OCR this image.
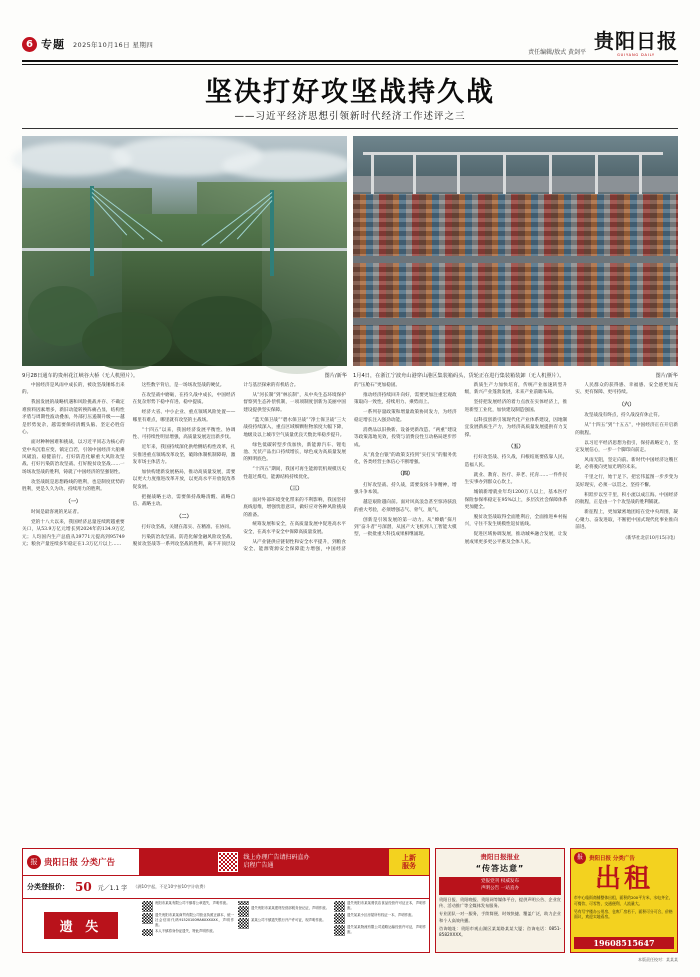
6 专题 2025年10月16日 星期四
责任编辑/敖式 黄剑平 贵阳日报
GUIYANG DAILY
坚决打好攻坚战持久战
——习近平经济思想引领新时代经济工作述评之三
9月28日通车的贵州花江峡谷大桥（无人机照片）。	图片/新华 1月4日，在浙江宁波舟山港穿山港区集装箱码头，货轮正在进行集装箱装卸（无人机照片）。	图片/新华

中国经济是风雨中成长的，被攻坚战锤炼出来的。

我国发展的战略机遇和风险挑战并存、不确定难预料因素增多，新旧动能转换阵痛凸显，结构性矛盾与周期性波动叠加，外部打压遏制升级——越是形势复杂，越需要保持清醒头脑、坚定必胜信心。

面对种种困难和挑战，以习近平同志为核心的党中央沉着应变、镇定自若，引领中国经济大船乘风破浪、稳健前行。打好防范化解重大风险攻坚战、打好污染防治攻坚战、打好脱贫攻坚战……一场场攻坚战的胜利，铸就了中国经济的坚强韧性。

攻坚战既是思想路线的胜利，也是制度优势的胜利，更是久久为功、持续用力的胜利。

（一）

时间是最客观的见证者。

党的十八大以来，我国经济总量连续跨越重要关口，从53.9万亿元增长到2024年的134.9万亿元；人均国内生产总值从39771元提高到95749元；粮食产量连续多年稳定在1.3万亿斤以上……

这些数字背后，是一场场攻坚战的硬仗。

在攻坚战中磨砺，在持久战中成长，中国经济在复杂形势下稳中有进、稳中提质。

经济大省、中小企业、重点领域风险处置——哪里有难点，哪里就有攻坚的主战场。

“十四五”以来，我国经济发展平衡性、协调性、可持续性明显增强，高质量发展迈出新步伐。

近年来，我国持续深化供给侧结构性改革，扎实推进重点领域改革攻坚，破除体制机制障碍，激发市场主体活力。

加快构建新发展格局，推动高质量发展，需要以更大力度推进改革开放，以更高水平开放促改革促发展。

把握战略主动，需要保持战略清醒、战略自信、战略主动。

（二）

打好攻坚战，关键在落实、在精准、在协同。

污染防治攻坚战、防范化解金融风险攻坚战、脱贫攻坚战等一系列攻坚战的胜利，离不开顶层设计与基层探索的有机结合。

从“河长制”到“林长制”，从中央生态环境保护督察到生态补偿机制，一项项制度创新为美丽中国建设提供坚实保障。

“蓝天保卫战”“碧水保卫战”“净土保卫战”三大战役持续深入，重点区域细颗粒物浓度大幅下降，地级及以上城市空气质量优良天数比率稳步提升。

绿色低碳转型步伐加快，新能源汽车、锂电池、光伏产品出口持续增长，绿色成为高质量发展的鲜明底色。

“十四五”期间，我国可再生能源装机规模历史性超过煤电，能源结构持续优化。

（三）

面对外部环境变化带来的不利影响，我国坚持底线思维，增强忧患意识，做好应对各种风险挑战的准备。

统筹发展和安全，在高质量发展中促进高水平安全，在高水平安全中保障高质量发展。

从产业链供应链韧性和安全水平提升，到粮食安全、能源资源安全保障能力增强，中国经济的“压舱石”更加稳固。

推动经济持续回升向好，需要更加注重宏观政策取向一致性，持续用力、乘势而上。

一系列存量政策和增量政策协同发力，为经济稳定增长注入强劲动能。

消费品以旧换新、设备更新改造、“两重”建设等政策落地见效，投资与消费良性互动格局逐步形成。

从“真金白银”的政策支持到“实打实”的服务优化，各类经营主体信心不断增强。

（四）

打好攻坚战、持久战，需要发扬斗争精神，增强斗争本领。

越是艰险越向前。面对风高浪急甚至惊涛骇浪的重大考验，必须增强志气、骨气、底气。

创新是引领发展的第一动力。从“嫦娥”探月到“奋斗者”号深潜，从国产大飞机到人工智能大模型，一批批重大科技成果相继涌现。

新质生产力加快培育，传统产业加速转型升级，新兴产业蓬勃发展，未来产业前瞻布局。

坚持把发展经济的着力点放在实体经济上，推进新型工业化，加快建设制造强国。

以科技创新引领现代化产业体系建设，因地制宜发展新质生产力，为经济高质量发展提供有力支撑。

（五）

打好攻坚战、持久战，归根结底要依靠人民、造福人民。

就业、教育、医疗、养老、托育……一件件民生实事办到群众心坎上。

城镇新增就业年均1200万人以上，基本医疗保险参保率稳定在95%以上，多层次社会保障体系更加健全。

脱贫攻坚战取得全面胜利后，全面推进乡村振兴，守住不发生规模性返贫底线。

促进区域协调发展，推动城乡融合发展，让发展成果更多更公平惠及全体人民。

人民群众的获得感、幸福感、安全感更加充实、更有保障、更可持续。

（六）

攻坚战没有终点，持久战没有休止符。

从“十四五”到“十五五”，中国经济正在开启新的航程。

以习近平经济思想为指引，保持战略定力，坚定发展信心，一步一个脚印向前走。

风雨无阻，坚定向前。新时代中国经济这艘巨轮，必将驶向更加光明的未来。

千里之行，始于足下。把宏伟蓝图一步步变为美好现实，必须一以贯之、坚持不懈。

积跬步以至千里，积小流以成江海。中国经济的航程，正是由一个个攻坚战的胜利铺就。

新征程上，更加紧密地团结在党中央周围，凝心聚力、奋发进取，不断把中国式现代化事业推向前进。

（新华社北京10月15日电）

报 贵阳日报 分类广告
线上办理广告请扫码直办
启程广告通
上新
服务
分类登报价： 50 元／1.1 字 （满10字起，不足10字按10字计收费）
遗 失
贵阳市某某有限公司不慎将公章遗失，声明作废。
遗失贵阳市某某商贸有限公司营业执照正副本，统一社会信用代码91520100MA6XXXXXX，声明作废。
本人不慎将身份证遗失，特此声明作废。
遗失贵阳市某某建材经营部税务登记证，声明作废。
某某公司不慎遗失银行开户许可证，现声明作废。
遗失贵阳市某某餐饮店食品经营许可证正本，声明作废。
遗失某某小区房屋所有权证一本，声明作废。
遗失某某物流有限公司道路运输经营许可证，声明作废。
贵阳日报报业
“传答达意”
党报党刊 权威发布
声明公告 一站直办
贵阳日报、贵阳晚报、贵阳网等媒体平台，提供声明公告、企业宣传、活动推广等全媒体发布服务。
专业团队一对一服务，手续简便、时效快捷、覆盖广泛，助力企业和个人高效传播。
咨询地址：贵阳市观山湖区某某路某某大厦；咨询电话：0851-8582XXXX。
报	贵阳日报 分类广告
出租
市中心临街商铺整体出租，面积约200平方米，水电齐全，可餐饮、可零售，交通便利，人流量大。
另有写字楼办公用房、仓库厂房若干，面积可分可合，价格面议，欢迎实地看房。
19608515647
本版责任校对：某某某
